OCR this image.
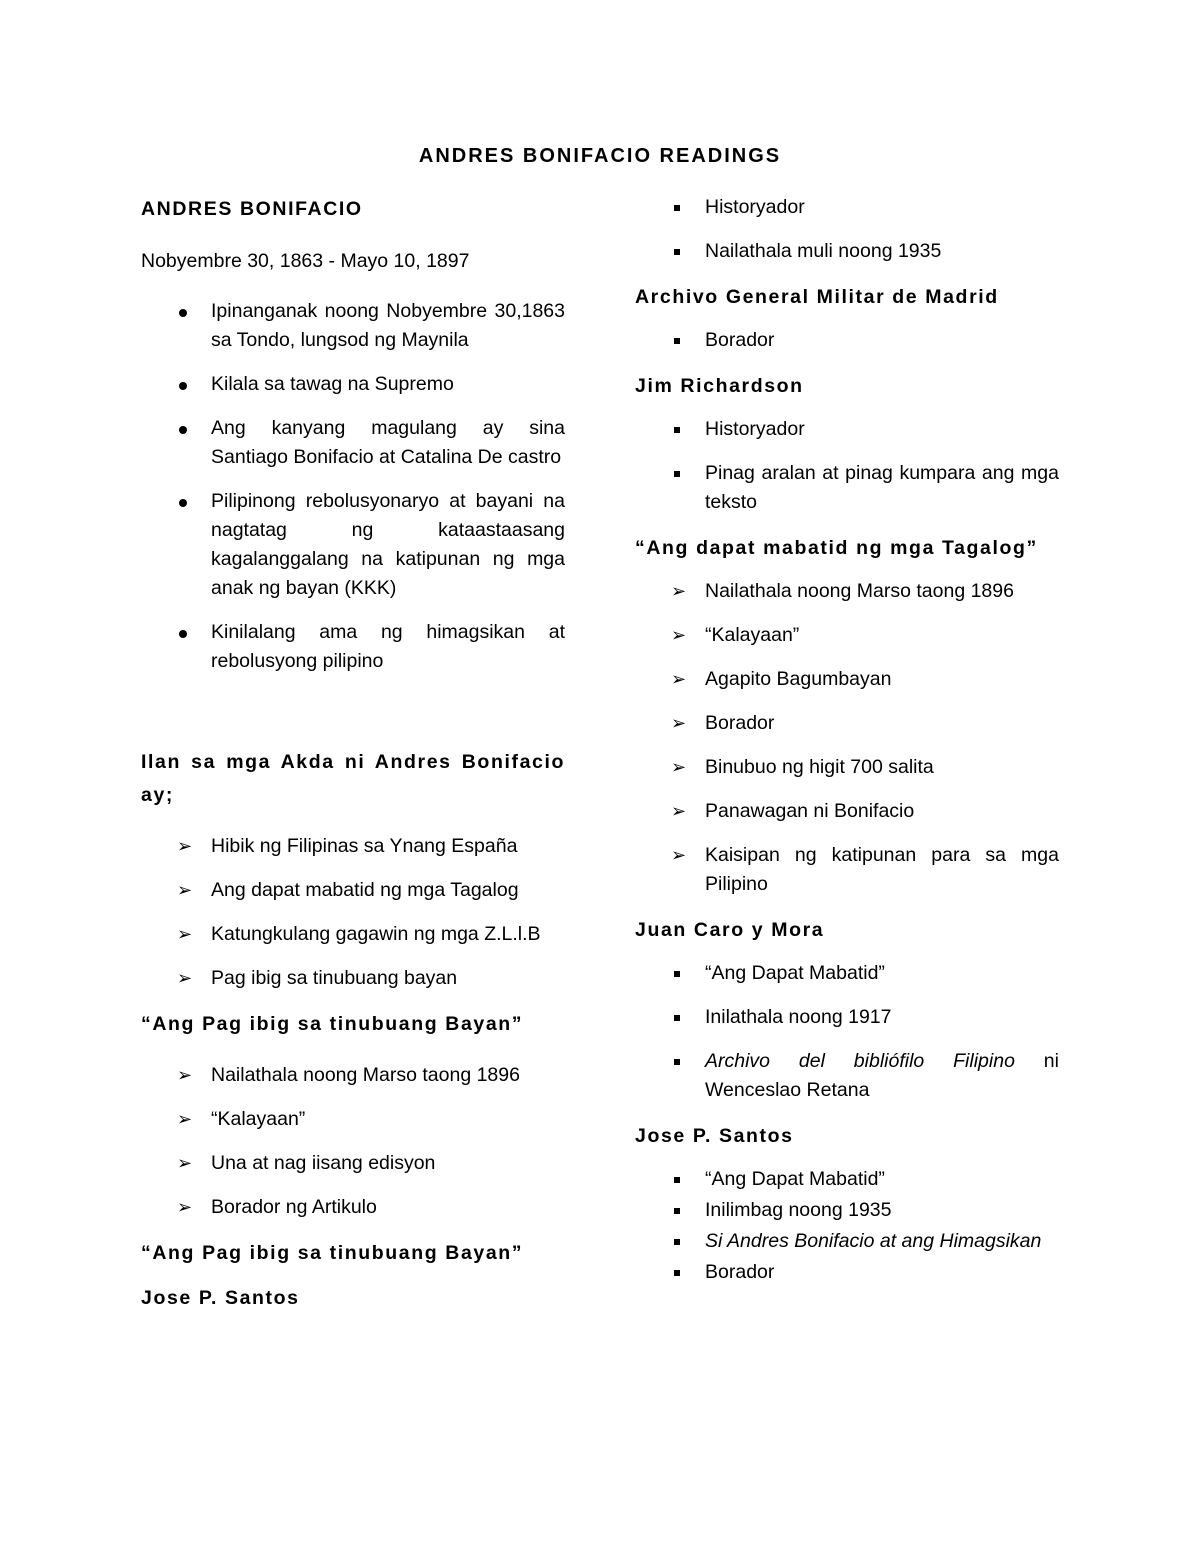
ANDRES BONIFACIO READINGS

ANDRES BONIFACIO

Nobyembre 30, 1863 - Mayo 10, 1897

Ipinanganak noong Nobyembre 30,1863 sa Tondo, lungsod ng Maynila
Kilala sa tawag na Supremo
Ang kanyang magulang ay sina Santiago Bonifacio at Catalina De castro
Pilipinong rebolusyonaryo at bayani na nagtatag ng kataastaasang kagalanggalang na katipunan ng mga anak ng bayan (KKK)
Kinilalang ama ng himagsikan at rebolusyong pilipino

Ilan sa mga Akda ni Andres Bonifacio ay;

➢ Hibik ng Filipinas sa Ynang España
➢ Ang dapat mabatid ng mga Tagalog
➢ Katungkulang gagawin ng mga Z.L.l.B
➢ Pag ibig sa tinubuang bayan

“Ang Pag ibig sa tinubuang Bayan”

➢ Nailathala noong Marso taong 1896
➢ “Kalayaan”
➢ Una at nag iisang edisyon
➢ Borador ng Artikulo

“Ang Pag ibig sa tinubuang Bayan”

Jose P. Santos

Historyador
Nailathala muli noong 1935

Archivo General Militar de Madrid

Borador

Jim Richardson

Historyador
Pinag aralan at pinag kumpara ang mga teksto

“Ang dapat mabatid ng mga Tagalog”

➢ Nailathala noong Marso taong 1896
➢ “Kalayaan”
➢ Agapito Bagumbayan
➢ Borador
➢ Binubuo ng higit 700 salita
➢ Panawagan ni Bonifacio
➢ Kaisipan ng katipunan para sa mga Pilipino

Juan Caro y Mora

“Ang Dapat Mabatid”
Inilathala noong 1917
Archivo del bibliófilo Filipino ni Wenceslao Retana

Jose P. Santos

“Ang Dapat Mabatid”
Inilimbag noong 1935
Si Andres Bonifacio at ang Himagsikan
Borador
